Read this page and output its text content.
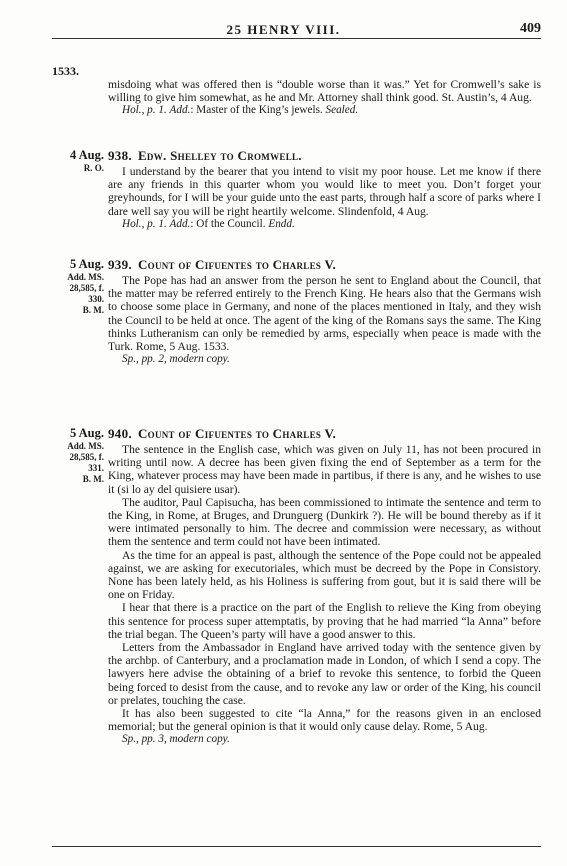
25 HENRY VIII.	409
1533.

misdoing what was offered then is “double worse than it was.” Yet for Cromwell’s sake is willing to give him somewhat, as he and Mr. Attorney shall think good. St. Austin’s, 4 Aug.

Hol., p. 1. Add.: Master of the King’s jewels. Sealed.
4 Aug.
R. O.
938. Edw. Shelley to Cromwell.

I understand by the bearer that you intend to visit my poor house. Let me know if there are any friends in this quarter whom you would like to meet you. Don’t forget your greyhounds, for I will be your guide unto the east parts, through half a score of parks where I dare well say you will be right heartily welcome. Slindenfold, 4 Aug.

Hol., p. 1. Add.: Of the Council. Endd.
5 Aug.
Add. MS.
28,585, f. 330.
B. M.
939. Count of Cifuentes to Charles V.

The Pope has had an answer from the person he sent to England about the Council, that the matter may be referred entirely to the French King. He hears also that the Germans wish to choose some place in Germany, and none of the places mentioned in Italy, and they wish the Council to be held at once. The agent of the king of the Romans says the same. The King thinks Lutheranism can only be remedied by arms, especially when peace is made with the Turk. Rome, 5 Aug. 1533.

Sp., pp. 2, modern copy.
5 Aug.
Add. MS.
28,585, f. 331.
B. M.
940. Count of Cifuentes to Charles V.

The sentence in the English case, which was given on July 11, has not been procured in writing until now. A decree has been given fixing the end of September as a term for the King, whatever process may have been made in partibus, if there is any, and he wishes to use it (si lo ay del quisiere usar).

The auditor, Paul Capisucha, has been commissioned to intimate the sentence and term to the King, in Rome, at Bruges, and Drunguerg (Dunkirk ?). He will be bound thereby as if it were intimated personally to him. The decree and commission were necessary, as without them the sentence and term could not have been intimated.

As the time for an appeal is past, although the sentence of the Pope could not be appealed against, we are asking for executoriales, which must be decreed by the Pope in Consistory. None has been lately held, as his Holiness is suffering from gout, but it is said there will be one on Friday.

I hear that there is a practice on the part of the English to relieve the King from obeying this sentence for process super attemptatis, by proving that he had married “la Anna” before the trial began. The Queen’s party will have a good answer to this.

Letters from the Ambassador in England have arrived today with the sentence given by the archbp. of Canterbury, and a proclamation made in London, of which I send a copy. The lawyers here advise the obtaining of a brief to revoke this sentence, to forbid the Queen being forced to desist from the cause, and to revoke any law or order of the King, his council or prelates, touching the case.

It has also been suggested to cite “la Anna,” for the reasons given in an enclosed memorial; but the general opinion is that it would only cause delay. Rome, 5 Aug.

Sp., pp. 3, modern copy.
